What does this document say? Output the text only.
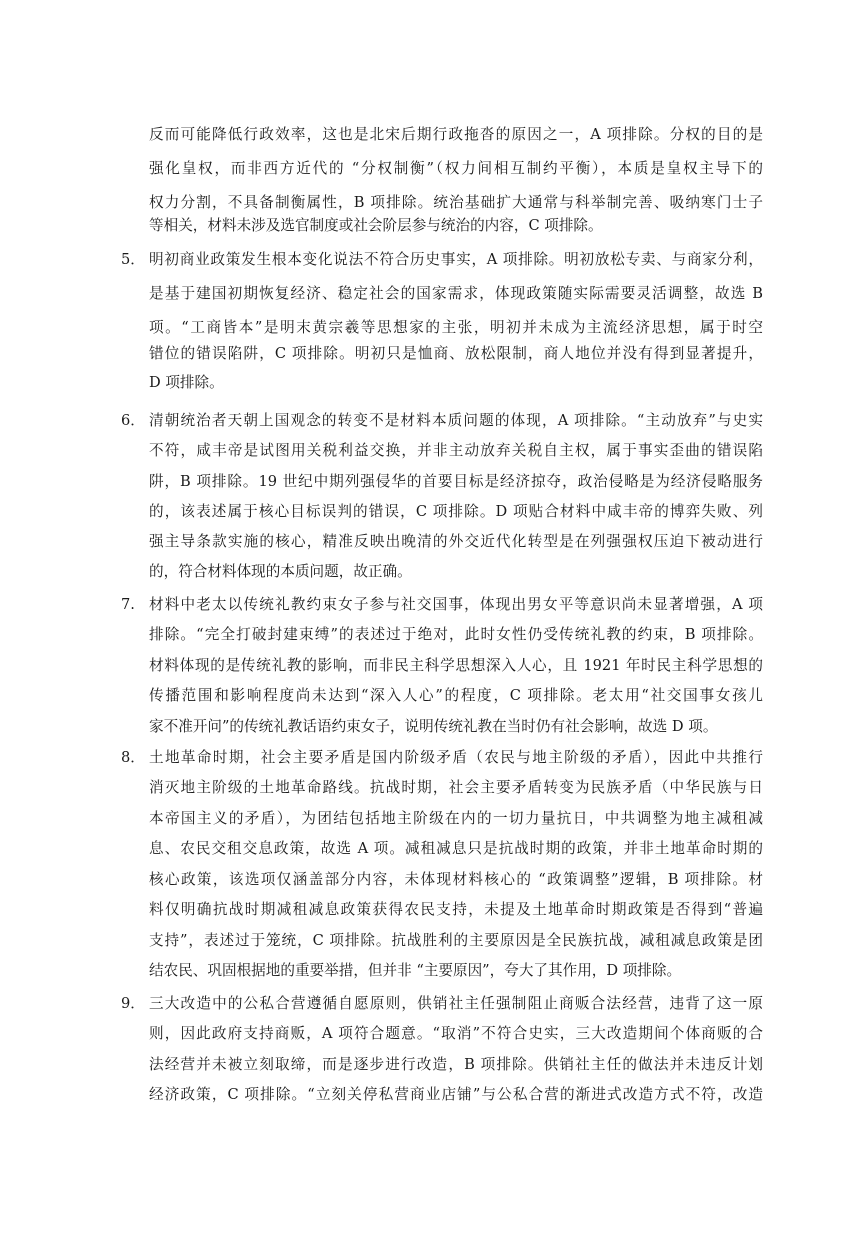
反而可能降低行政效率，这也是北宋后期行政拖沓的原因之一，A 项排除。分权的目的是
强化皇权，而非西方近代的 “分权制衡”（权力间相互制约平衡），本质是皇权主导下的
权力分割，不具备制衡属性，B 项排除。统治基础扩大通常与科举制完善、吸纳寒门士子
等相关，材料未涉及选官制度或社会阶层参与统治的内容，C 项排除。
5． 明初商业政策发生根本变化说法不符合历史事实，A 项排除。明初放松专卖、与商家分利，
是基于建国初期恢复经济、稳定社会的国家需求，体现政策随实际需要灵活调整，故选 B
项。“工商皆本”是明末黄宗羲等思想家的主张，明初并未成为主流经济思想，属于时空
错位的错误陷阱，C 项排除。明初只是恤商、放松限制，商人地位并没有得到显著提升，
D 项排除。
6． 清朝统治者天朝上国观念的转变不是材料本质问题的体现，A 项排除。“主动放弃”与史实
不符，咸丰帝是试图用关税利益交换，并非主动放弃关税自主权，属于事实歪曲的错误陷
阱，B 项排除。19 世纪中期列强侵华的首要目标是经济掠夺，政治侵略是为经济侵略服务
的，该表述属于核心目标误判的错误，C 项排除。D 项贴合材料中咸丰帝的博弈失败、列
强主导条款实施的核心，精准反映出晚清的外交近代化转型是在列强强权压迫下被动进行
的，符合材料体现的本质问题，故正确。
7. 材料中老太以传统礼教约束女子参与社交国事，体现出男女平等意识尚未显著增强，A 项
排除。“完全打破封建束缚”的表述过于绝对，此时女性仍受传统礼教的约束，B 项排除。
材料体现的是传统礼教的影响，而非民主科学思想深入人心，且 1921 年时民主科学思想的
传播范围和影响程度尚未达到“深入人心”的程度，C 项排除。老太用“社交国事女孩儿
家不准开问”的传统礼教话语约束女子，说明传统礼教在当时仍有社会影响，故选 D 项。
8． 土地革命时期，社会主要矛盾是国内阶级矛盾（农民与地主阶级的矛盾），因此中共推行
消灭地主阶级的土地革命路线。抗战时期，社会主要矛盾转变为民族矛盾（中华民族与日
本帝国主义的矛盾），为团结包括地主阶级在内的一切力量抗日，中共调整为地主减租减
息、农民交租交息政策，故选 A 项。减租减息只是抗战时期的政策，并非土地革命时期的
核心政策，该选项仅涵盖部分内容，未体现材料核心的 “政策调整”逻辑，B 项排除。材
料仅明确抗战时期减租减息政策获得农民支持，未提及土地革命时期政策是否得到“普遍
支持”，表述过于笼统，C 项排除。抗战胜利的主要原因是全民族抗战，减租减息政策是团
结农民、巩固根据地的重要举措，但并非 “主要原因”，夸大了其作用，D 项排除。
9． 三大改造中的公私合营遵循自愿原则，供销社主任强制阻止商贩合法经营，违背了这一原
则，因此政府支持商贩，A 项符合题意。“取消”不符合史实，三大改造期间个体商贩的合
法经营并未被立刻取缔，而是逐步进行改造，B 项排除。供销社主任的做法并未违反计划
经济政策，C 项排除。“立刻关停私营商业店铺”与公私合营的渐进式改造方式不符，改造
